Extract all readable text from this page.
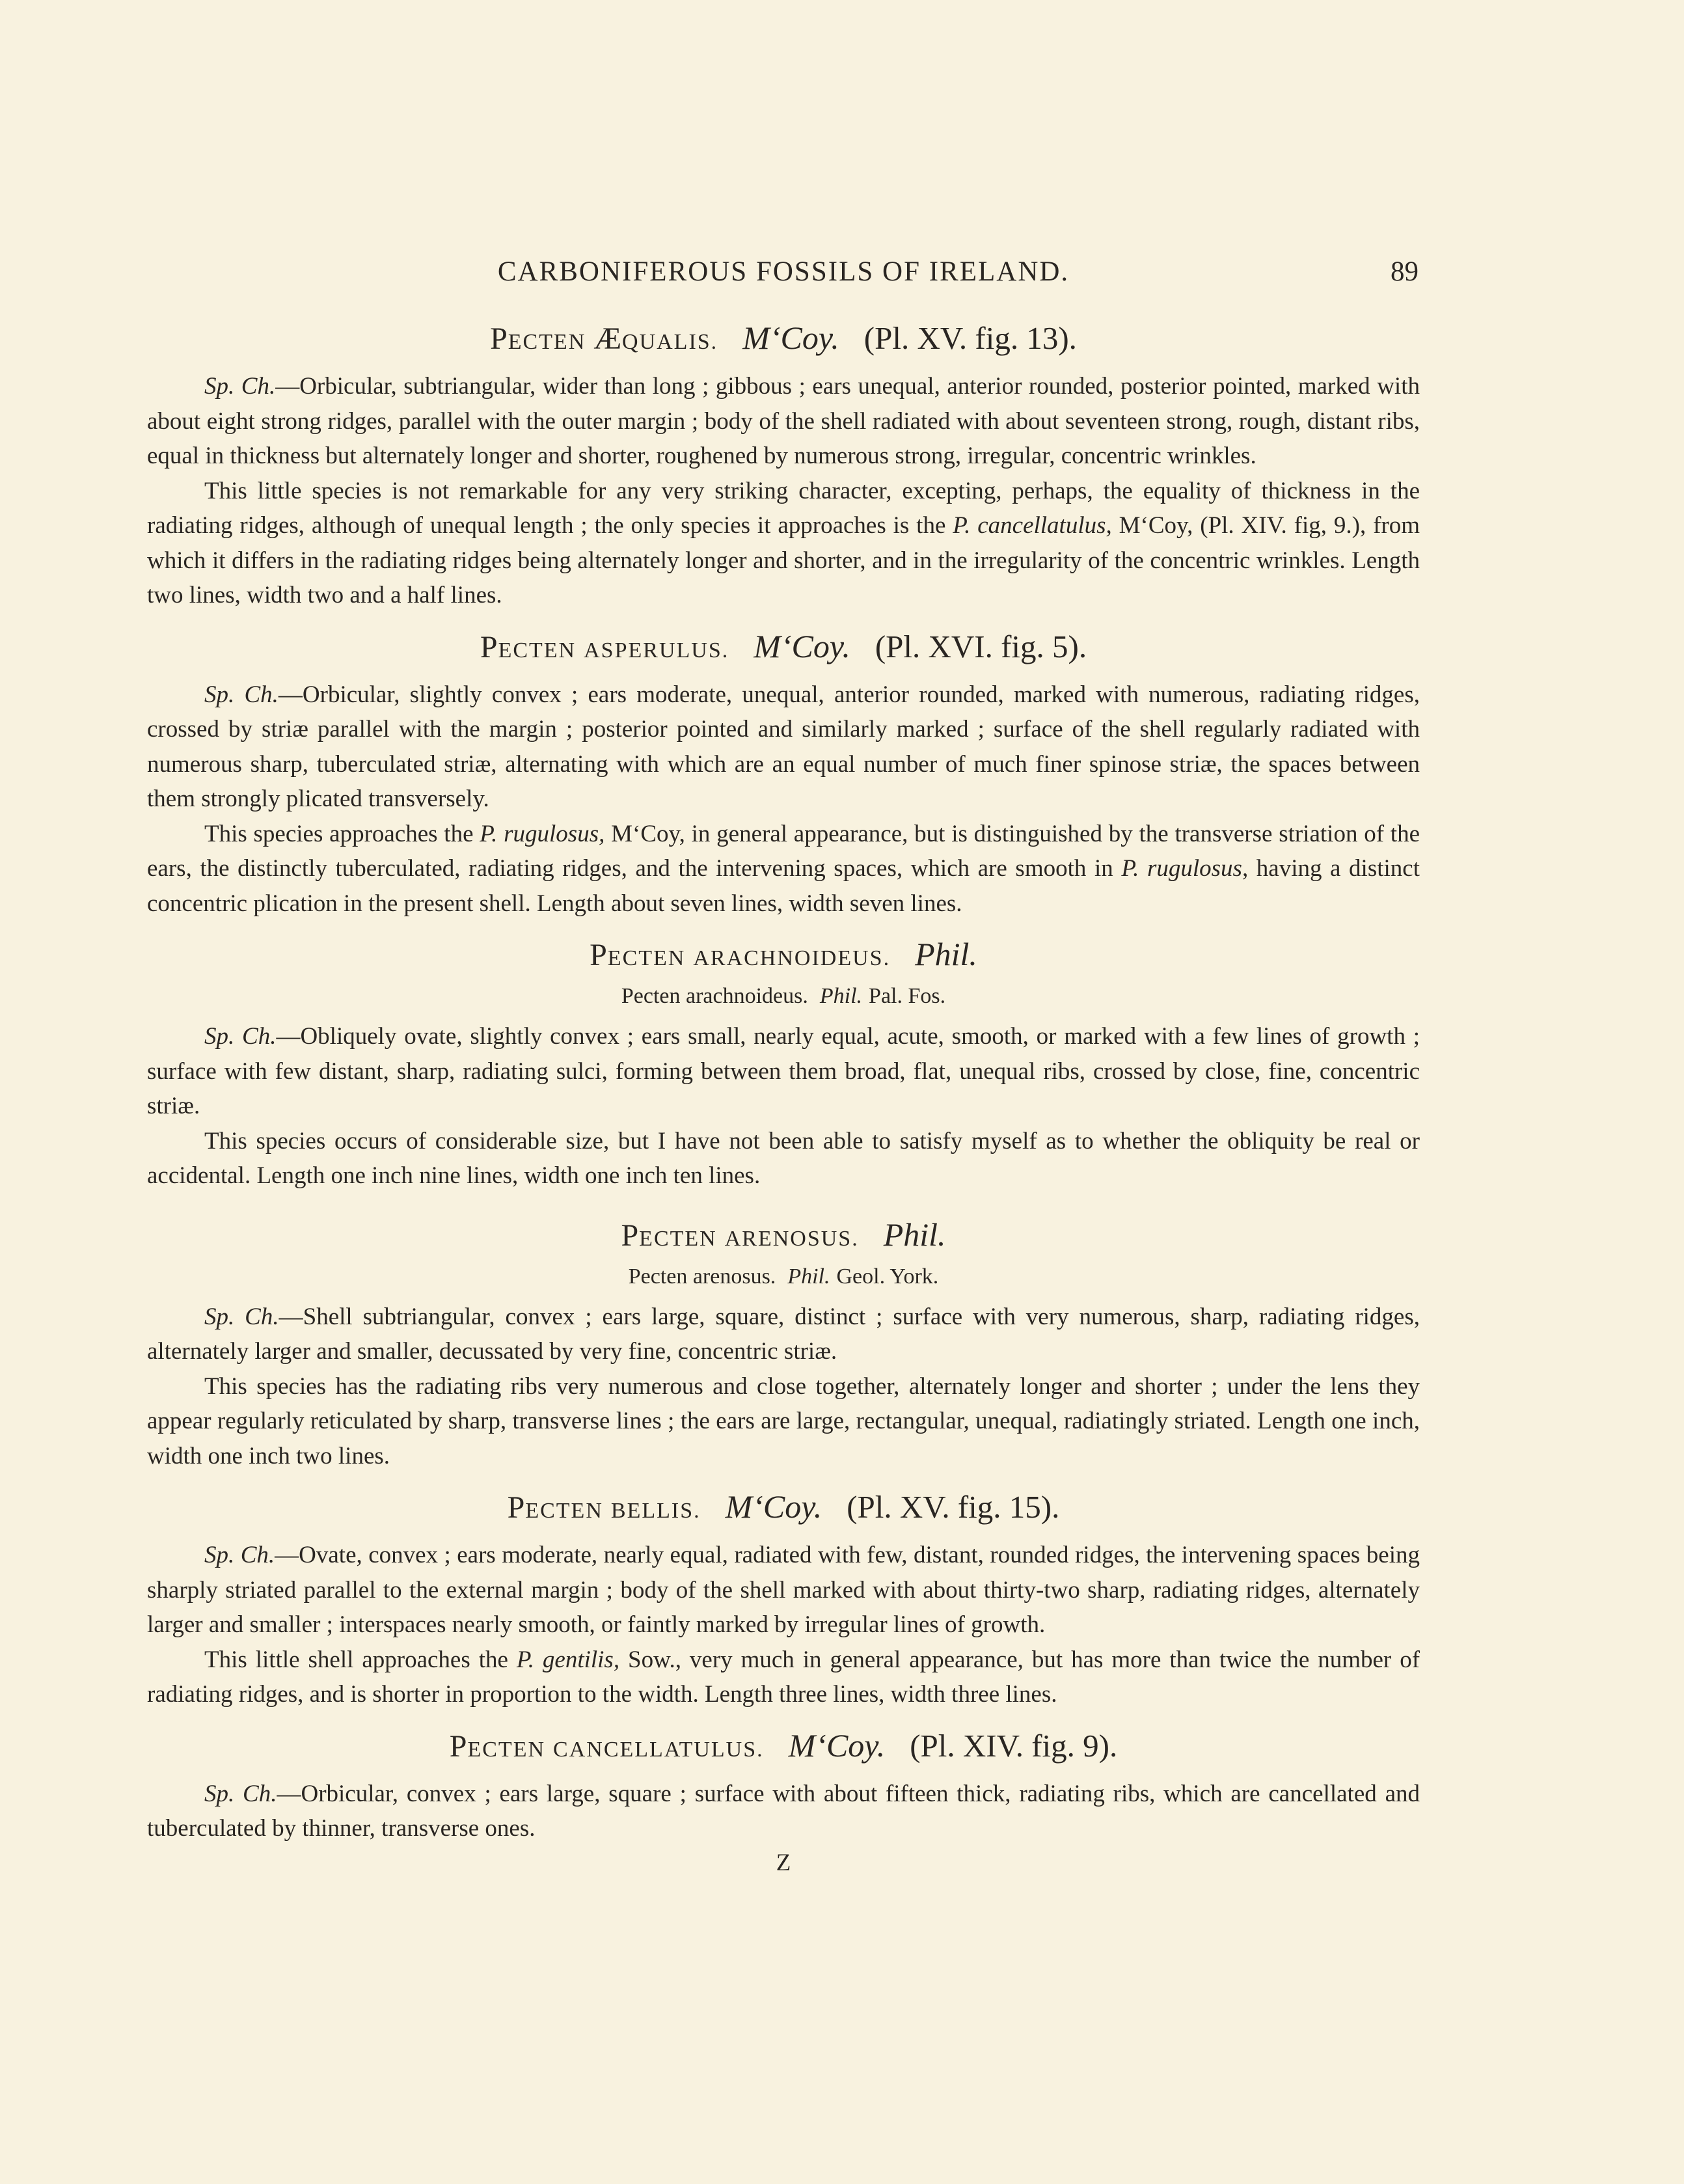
CARBONIFEROUS FOSSILS OF IRELAND.	89
PECTEN ÆQUALIS. M‘Coy. (Pl. XV. fig. 13).

Sp. Ch.—Orbicular, subtriangular, wider than long ; gibbous ; ears unequal, anterior rounded, posterior pointed, marked with about eight strong ridges, parallel with the outer margin ; body of the shell radiated with about seventeen strong, rough, distant ribs, equal in thickness but alternately longer and shorter, roughened by numerous strong, irregular, concentric wrinkles.

This little species is not remarkable for any very striking character, excepting, perhaps, the equality of thickness in the radiating ridges, although of unequal length ; the only species it approaches is the P. cancellatulus, M‘Coy, (Pl. XIV. fig, 9.), from which it differs in the radiating ridges being alternately longer and shorter, and in the irregularity of the concentric wrinkles. Length two lines, width two and a half lines.

PECTEN ASPERULUS. M‘Coy. (Pl. XVI. fig. 5).

Sp. Ch.—Orbicular, slightly convex ; ears moderate, unequal, anterior rounded, marked with numerous, radiating ridges, crossed by striæ parallel with the margin ; posterior pointed and similarly marked ; surface of the shell regularly radiated with numerous sharp, tuberculated striæ, alternating with which are an equal number of much finer spinose striæ, the spaces between them strongly plicated transversely.

This species approaches the P. rugulosus, M‘Coy, in general appearance, but is distinguished by the transverse striation of the ears, the distinctly tuberculated, radiating ridges, and the intervening spaces, which are smooth in P. rugulosus, having a distinct concentric plication in the present shell. Length about seven lines, width seven lines.

PECTEN ARACHNOIDEUS. Phil.
Pecten arachnoideus. Phil. Pal. Fos.

Sp. Ch.—Obliquely ovate, slightly convex ; ears small, nearly equal, acute, smooth, or marked with a few lines of growth ; surface with few distant, sharp, radiating sulci, forming between them broad, flat, unequal ribs, crossed by close, fine, concentric striæ.

This species occurs of considerable size, but I have not been able to satisfy myself as to whether the obliquity be real or accidental. Length one inch nine lines, width one inch ten lines.

PECTEN ARENOSUS. Phil.
Pecten arenosus. Phil. Geol. York.

Sp. Ch.—Shell subtriangular, convex ; ears large, square, distinct ; surface with very numerous, sharp, radiating ridges, alternately larger and smaller, decussated by very fine, concentric striæ.

This species has the radiating ribs very numerous and close together, alternately longer and shorter ; under the lens they appear regularly reticulated by sharp, transverse lines ; the ears are large, rectangular, unequal, radiatingly striated. Length one inch, width one inch two lines.

PECTEN BELLIS. M‘Coy. (Pl. XV. fig. 15).

Sp. Ch.—Ovate, convex ; ears moderate, nearly equal, radiated with few, distant, rounded ridges, the intervening spaces being sharply striated parallel to the external margin ; body of the shell marked with about thirty-two sharp, radiating ridges, alternately larger and smaller ; interspaces nearly smooth, or faintly marked by irregular lines of growth.

This little shell approaches the P. gentilis, Sow., very much in general appearance, but has more than twice the number of radiating ridges, and is shorter in proportion to the width. Length three lines, width three lines.

PECTEN CANCELLATULUS. M‘Coy. (Pl. XIV. fig. 9).

Sp. Ch.—Orbicular, convex ; ears large, square ; surface with about fifteen thick, radiating ribs, which are cancellated and tuberculated by thinner, transverse ones.

Z
